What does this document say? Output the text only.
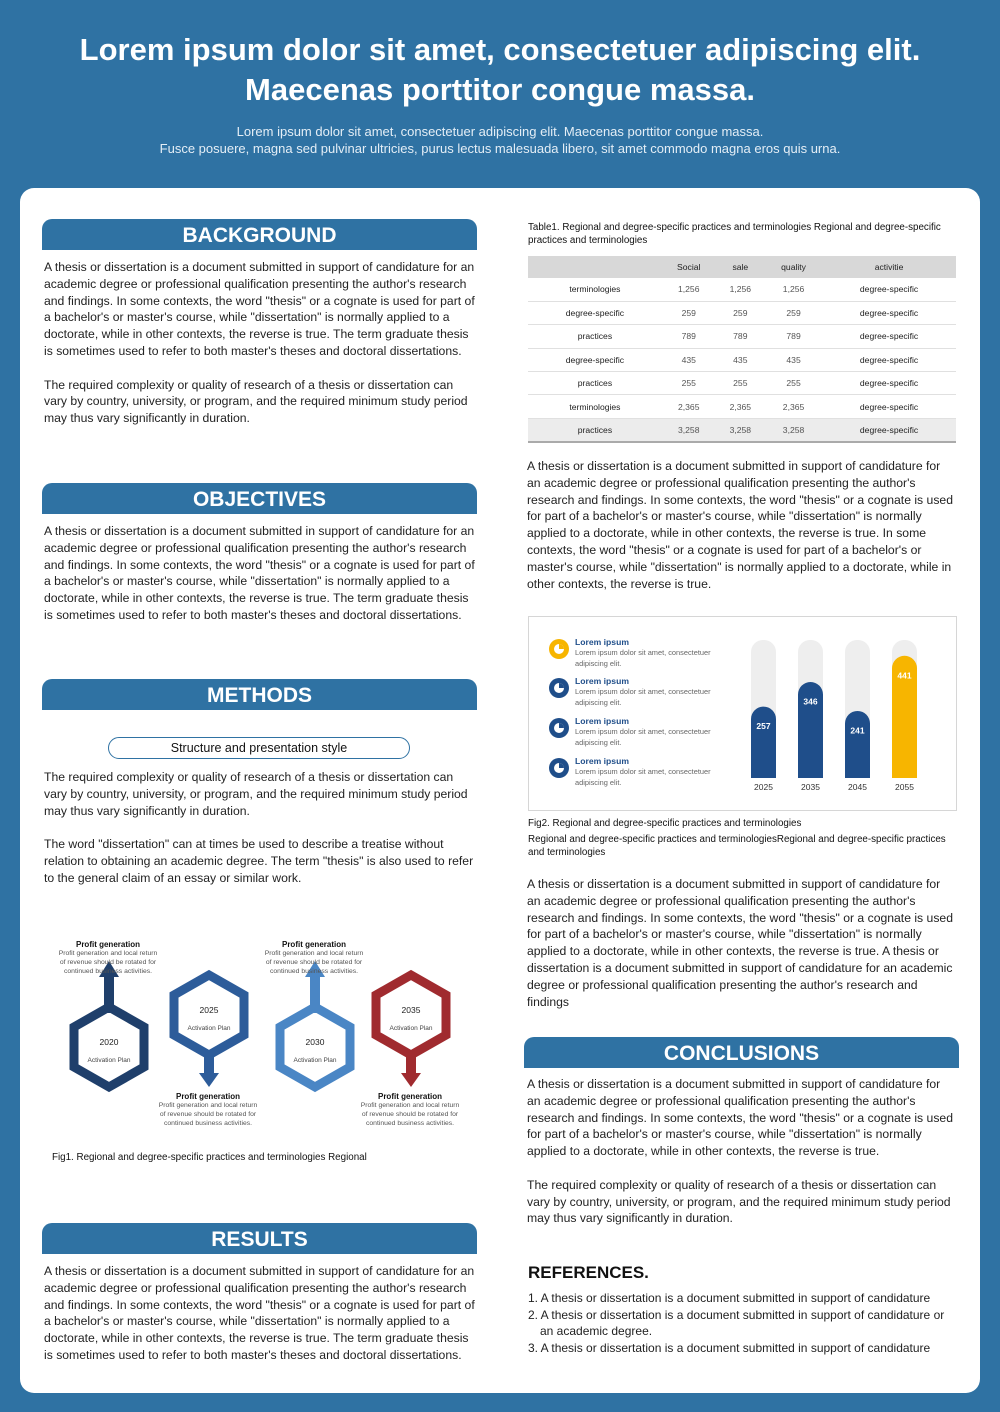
Lorem ipsum dolor sit amet, consectetuer adipiscing elit.
Maecenas porttitor congue massa.
Lorem ipsum dolor sit amet, consectetuer adipiscing elit. Maecenas porttitor congue massa.
Fusce posuere, magna sed pulvinar ultricies, purus lectus malesuada libero, sit amet commodo magna eros quis urna.
BACKGROUND
A thesis or dissertation is a document submitted in support of candidature for an academic degree or professional qualification presenting the author's research and findings. In some contexts, the word "thesis" or a cognate is used for part of a bachelor's or master's course, while "dissertation" is normally applied to a doctorate, while in other contexts, the reverse is true. The term graduate thesis is sometimes used to refer to both master's theses and doctoral dissertations.

The required complexity or quality of research of a thesis or dissertation can vary by country, university, or program, and the required minimum study period may thus vary significantly in duration.
OBJECTIVES
A thesis or dissertation is a document submitted in support of candidature for an academic degree or professional qualification presenting the author's research and findings. In some contexts, the word "thesis" or a cognate is used for part of a bachelor's or master's course, while "dissertation" is normally applied to a doctorate, while in other contexts, the reverse is true. The term graduate thesis is sometimes used to refer to both master's theses and doctoral dissertations.
METHODS
Structure and presentation style
The required complexity or quality of research of a thesis or dissertation can vary by country, university, or program, and the required minimum study period may thus vary significantly in duration.

The word "dissertation" can at times be used to describe a treatise without relation to obtaining an academic degree. The term "thesis" is also used to refer to the general claim of an essay or similar work.
2020
Activation Plan
2025
Activation Plan
2030
Activation Plan
2035
Activation Plan
Profit generation
Profit generation and local return of revenue should be rotated for continued business activities.
Profit generation
Profit generation and local return of revenue should be rotated for continued business activities.
Profit generation
Profit generation and local return of revenue should be rotated for continued business activities.
Profit generation
Profit generation and local return of revenue should be rotated for continued business activities.
Fig1. Regional and degree-specific practices and terminologies Regional
RESULTS
A thesis or dissertation is a document submitted in support of candidature for an academic degree or professional qualification presenting the author's research and findings. In some contexts, the word "thesis" or a cognate is used for part of a bachelor's or master's course, while "dissertation" is normally applied to a doctorate, while in other contexts, the reverse is true. The term graduate thesis is sometimes used to refer to both master's theses and doctoral dissertations.
Table1. Regional and degree-specific practices and terminologies Regional and degree-specific practices and terminologies
	Social	sale	quality	activitie
terminologies	1,256	1,256	1,256	degree-specific
degree-specific	259	259	259	degree-specific
practices	789	789	789	degree-specific
degree-specific	435	435	435	degree-specific
practices	255	255	255	degree-specific
terminologies	2,365	2,365	2,365	degree-specific
practices	3,258	3,258	3,258	degree-specific
A thesis or dissertation is a document submitted in support of candidature for an academic degree or professional qualification presenting the author's research and findings. In some contexts, the word "thesis" or a cognate is used for part of a bachelor's or master's course, while "dissertation" is normally applied to a doctorate, while in other contexts, the reverse is true. In some contexts, the word "thesis" or a cognate is used for part of a bachelor's or master's course, while "dissertation" is normally applied to a doctorate, while in other contexts, the reverse is true.
Lorem ipsum
Lorem ipsum dolor sit amet, consectetuer adipiscing elit.
Lorem ipsum
Lorem ipsum dolor sit amet, consectetuer adipiscing elit.
Lorem ipsum
Lorem ipsum dolor sit amet, consectetuer adipiscing elit.
Lorem ipsum
Lorem ipsum dolor sit amet, consectetuer adipiscing elit.
257
2025
346
2035
241
2045
441
2055
Fig2. Regional and degree-specific practices and terminologies
Regional and degree-specific practices and terminologiesRegional and degree-specific practices and terminologies
A thesis or dissertation is a document submitted in support of candidature for an academic degree or professional qualification presenting the author's research and findings. In some contexts, the word "thesis" or a cognate is used for part of a bachelor's or master's course, while "dissertation" is normally applied to a doctorate, while in other contexts, the reverse is true. A thesis or dissertation is a document submitted in support of candidature for an academic degree or professional qualification presenting the author's research and findings
CONCLUSIONS
A thesis or dissertation is a document submitted in support of candidature for an academic degree or professional qualification presenting the author's research and findings. In some contexts, the word "thesis" or a cognate is used for part of a bachelor's or master's course, while "dissertation" is normally applied to a doctorate, while in other contexts, the reverse is true.

The required complexity or quality of research of a thesis or dissertation can vary by country, university, or program, and the required minimum study period may thus vary significantly in duration.
REFERENCES.
1. A thesis or dissertation is a document submitted in support of candidature
2. A thesis or dissertation is a document submitted in support of candidature or an academic degree.
3. A thesis or dissertation is a document submitted in support of candidature
